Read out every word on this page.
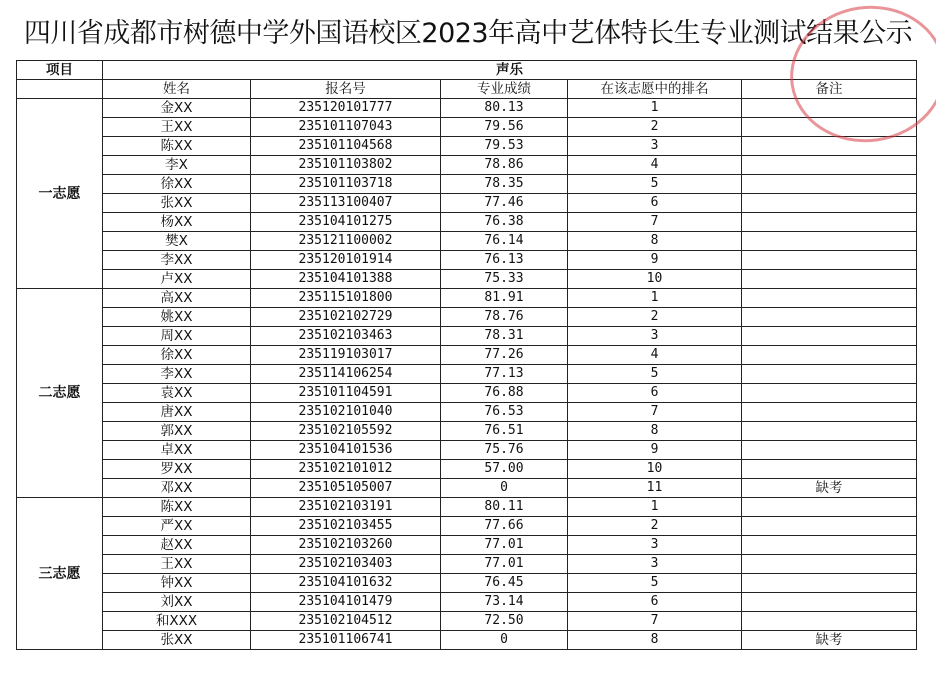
四川省成都市树德中学外国语校区2023年高中艺体特长生专业测试结果公示
项目	声乐				
	姓名	报名号	专业成绩	在该志愿中的排名	备注
一志愿	金XX	235120101777	80.13	1	
	王XX	235101107043	79.56	2	
	陈XX	235101104568	79.53	3	
	李X	235101103802	78.86	4	
	徐XX	235101103718	78.35	5	
	张XX	235113100407	77.46	6	
	杨XX	235104101275	76.38	7	
	樊X	235121100002	76.14	8	
	李XX	235120101914	76.13	9	
	卢XX	235104101388	75.33	10	
二志愿	高XX	235115101800	81.91	1	
	姚XX	235102102729	78.76	2	
	周XX	235102103463	78.31	3	
	徐XX	235119103017	77.26	4	
	李XX	235114106254	77.13	5	
	袁XX	235101104591	76.88	6	
	唐XX	235102101040	76.53	7	
	郭XX	235102105592	76.51	8	
	卓XX	235104101536	75.76	9	
	罗XX	235102101012	57.00	10	
	邓XX	235105105007	0	11	缺考
三志愿	陈XX	235102103191	80.11	1	
	严XX	235102103455	77.66	2	
	赵XX	235102103260	77.01	3	
	王XX	235102103403	77.01	3	
	钟XX	235104101632	76.45	5	
	刘XX	235104101479	73.14	6	
	和XXX	235102104512	72.50	7	
	张XX	235101106741	0	8	缺考
